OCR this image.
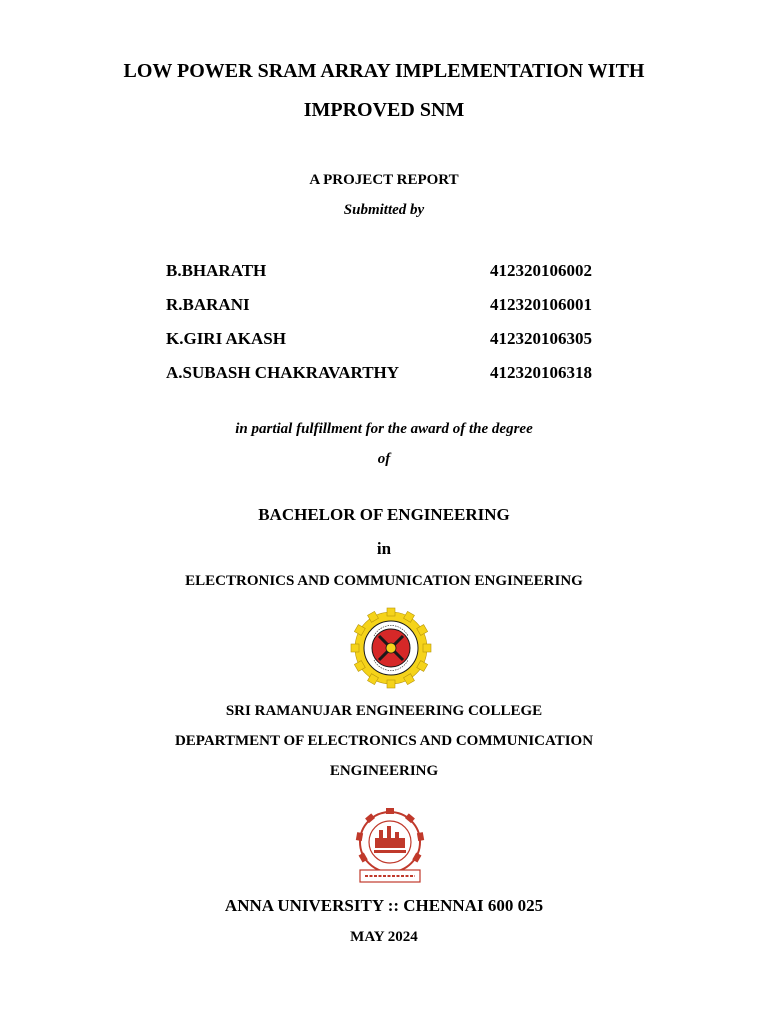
LOW POWER SRAM ARRAY IMPLEMENTATION WITH
IMPROVED SNM
A PROJECT REPORT
Submitted by
B.BHARATH	412320106002
R.BARANI	412320106001
K.GIRI AKASH	412320106305
A.SUBASH CHAKRAVARTHY	412320106318
in partial fulfillment for the award of the degree
of
BACHELOR OF ENGINEERING
in
ELECTRONICS AND COMMUNICATION ENGINEERING
SRI RAMANUJAR ENGINEERING COLLEGE
DEPARTMENT OF ELECTRONICS AND COMMUNICATION
ENGINEERING
ANNA UNIVERSITY :: CHENNAI 600 025
MAY 2024
